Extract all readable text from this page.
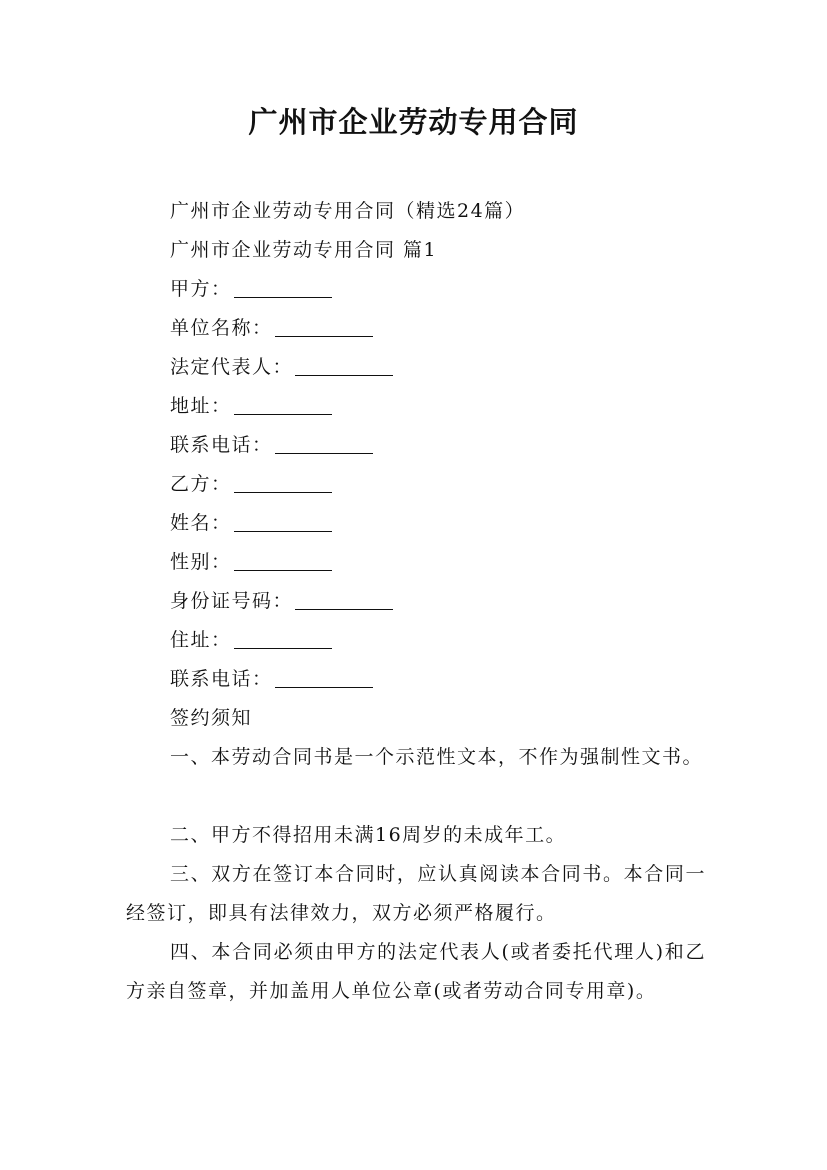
广州市企业劳动专用合同
广州市企业劳动专用合同（精选24篇）
广州市企业劳动专用合同 篇1
甲方：
单位名称：
法定代表人：
地址：
联系电话：
乙方：
姓名：
性别：
身份证号码：
住址：
联系电话：
签约须知
一、本劳动合同书是一个示范性文本，不作为强制性文书。
二、甲方不得招用未满16周岁的未成年工。
三、双方在签订本合同时，应认真阅读本合同书。本合同一经签订，即具有法律效力，双方必须严格履行。
四、本合同必须由甲方的法定代表人(或者委托代理人)和乙方亲自签章，并加盖用人单位公章(或者劳动合同专用章)。
